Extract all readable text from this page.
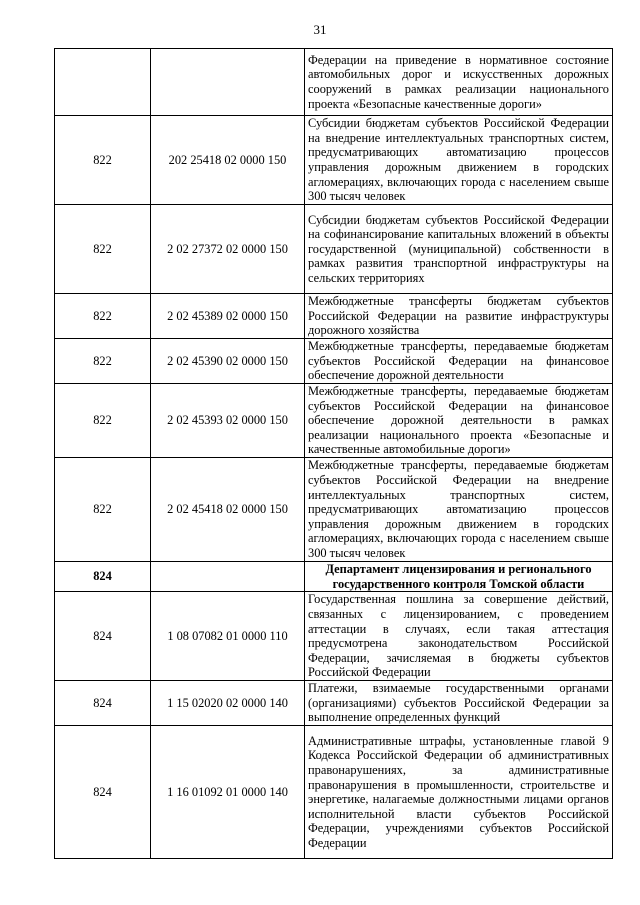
31
		Федерации на приведение в нормативное состояние автомобильных дорог и искусственных дорожных сооружений в рамках реализации национального проекта «Безопасные качественные дороги»
822	202 25418 02 0000 150	Субсидии бюджетам субъектов Российской Федерации на внедрение интеллектуальных транспортных систем, предусматривающих автоматизацию процессов управления дорожным движением в городских агломерациях, включающих города с населением свыше 300 тысяч человек
822	2 02 27372 02 0000 150	Субсидии бюджетам субъектов Российской Федерации на софинансирование капитальных вложений в объекты государственной (муниципальной) собственности в рамках развития транспортной инфраструктуры на сельских территориях
822	2 02 45389 02 0000 150	Межбюджетные трансферты бюджетам субъектов Российской Федерации на развитие инфраструктуры дорожного хозяйства
822	2 02 45390 02 0000 150	Межбюджетные трансферты, передаваемые бюджетам субъектов Российской Федерации на финансовое обеспечение дорожной деятельности
822	2 02 45393 02 0000 150	Межбюджетные трансферты, передаваемые бюджетам субъектов Российской Федерации на финансовое обеспечение дорожной деятельности в рамках реализации национального проекта «Безопасные и качественные автомобильные дороги»
822	2 02 45418 02 0000 150	Межбюджетные трансферты, передаваемые бюджетам субъектов Российской Федерации на внедрение интеллектуальных транспортных систем, предусматривающих автоматизацию процессов управления дорожным движением в городских агломерациях, включающих города с населением свыше 300 тысяч человек
824		Департамент лицензирования и регионального государственного контроля Томской области
824	1 08 07082 01 0000 110	Государственная пошлина за совершение действий, связанных с лицензированием, с проведением аттестации в случаях, если такая аттестация предусмотрена законодательством Российской Федерации, зачисляемая в бюджеты субъектов Российской Федерации
824	1 15 02020 02 0000 140	Платежи, взимаемые государственными органами (организациями) субъектов Российской Федерации за выполнение определенных функций
824	1 16 01092 01 0000 140	Административные штрафы, установленные главой 9 Кодекса Российской Федерации об административных правонарушениях, за административные правонарушения в промышленности, строительстве и энергетике, налагаемые должностными лицами органов исполнительной власти субъектов Российской Федерации, учреждениями субъектов Российской Федерации
